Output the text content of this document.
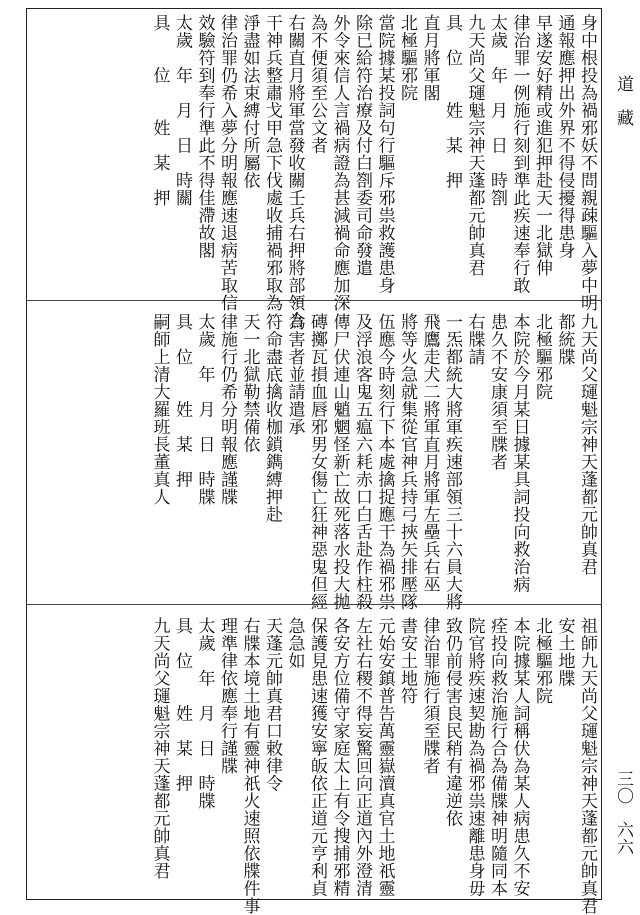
道　藏
三〇　六六
身中根投為禍邪妖不問親疎驅入夢中明
通報應押出外界不得侵擾得患身
早遂安好精或進犯押赴天一北獄伸
律治罪一例施行刻到準此疾速奉行敢
太歲　年　月　日　時劄
九天尚父璭魁宗神天蓬都元帥真君
具　位　　姓　某　押
直月將軍閣
北極驅邪院
當院據某投詞句行驅斥邪祟救護患身
除已給符治療及付白劄委司命發遣
外令來信人言禍病證為甚減禍命應加深
為不便須至公文者
右關直月將軍當發收關壬兵右押將部領合
干神兵整肅戈甲急下伐處收捕禍邪取為
淨盡如法束縛付所屬依
律治罪仍希入夢分明報應速退病苦取信
效驗符到奉行準此不得佳滯故閣
太歲　年　月　日　時關
具　　位　　姓　某　押
九天尚父璭魁宗神天蓬都元帥真君
都統牒
北極驅邪院
本院於今月某日據某具詞投向救治病
患久不安康須至牒者
右牒請
一炁都統大將軍疾速部領三十六員大將
飛鷹走犬二將軍直月將軍左壘兵右巫
將等火急就集從官神兵持弓挾矢排壓隊
伍應今時刻行下本處擒捉應干為禍邪祟
及浮浪客鬼五瘟六耗赤口白舌赴作柱殺
傳尸伏連山魈魍怪新亡故死落水投大拋
磚擲瓦損血唇邪男女傷亡狂神惡鬼但經
為害者並請遣承
符命盡底擒收枷鎖鐫縛押赴
天一北獄勒禁備依
律施行仍希分明報應謹牒
太歲　年　月　日　時牒
具　位　　姓　某　押
嗣師上清大羅班長董真人
祖師九天尚父璭魁宗神天蓬都元帥真君
安土地牒
北極驅邪院
本院據某人詞稱伏為某人病患久不安
痊投向救治施行合為備牒神明隨同本
院官將疾速契勘為禍邪祟速離患身毋
致仍前侵害良民稍有違逆依
律治罪施行須至牒者
書安土地符
元始安鎮普告萬靈嶽瀆真官土地祇靈
左社右稷不得妄驚回向正道內外澄清
各安方位備守家庭太上有令搜捕邪精
保護見患速獲安寧皈依正道元亨利貞
急急如
天蓬元帥真君口敕律令
右牒本境土地有靈神祇火速照依牒件事
理準律依應奉行謹牒
太歲　年　月　日　時牒
具　位　　姓　某　押
九天尚父璭魁宗神天蓬都元帥真君
